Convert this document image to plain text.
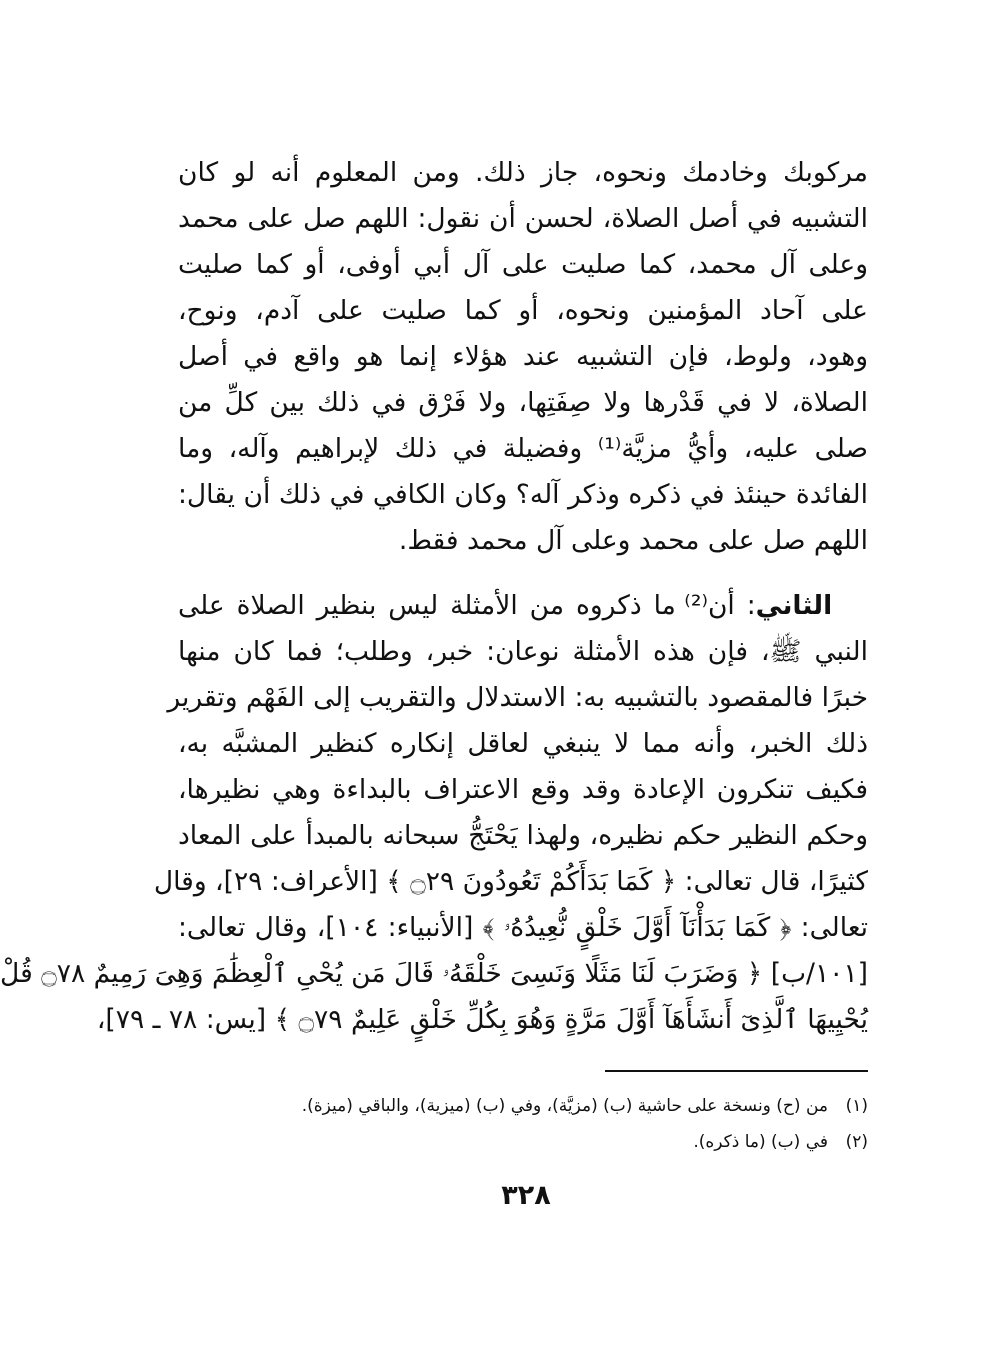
مركوبك وخادمك ونحوه، جاز ذلك. ومن المعلوم أنه لو كان
التشبيه في أصل الصلاة، لحسن أن نقول: اللهم صل على محمد
وعلى آل محمد، كما صليت على آل أبي أوفى، أو كما صليت
على آحاد المؤمنين ونحوه، أو كما صليت على آدم، ونوح،
وهود، ولوط، فإن التشبيه عند هؤلاء إنما هو واقع في أصل
الصلاة، لا في قَدْرها ولا صِفَتِها، ولا فَرْق في ذلك بين كلِّ من
صلى عليه، وأيُّ مزيَّة⁽¹⁾ وفضيلة في ذلك لإبراهيم وآله، وما
الفائدة حينئذ في ذكره وذكر آله؟ وكان الكافي في ذلك أن يقال:
اللهم صل على محمد وعلى آل محمد فقط.
الثاني: أن⁽²⁾ ما ذكروه من الأمثلة ليس بنظير الصلاة على
النبي ﷺ، فإن هذه الأمثلة نوعان: خبر، وطلب؛ فما كان منها
خبرًا فالمقصود بالتشبيه به: الاستدلال والتقريب إلى الفَهْم وتقرير
ذلك الخبر، وأنه مما لا ينبغي لعاقل إنكاره كنظير المشبَّه به،
فكيف تنكرون الإعادة وقد وقع الاعتراف بالبداءة وهي نظيرها،
وحكم النظير حكم نظيره، ولهذا يَحْتَجُّ سبحانه بالمبدأ على المعاد
كثيرًا، قال تعالى: ﴿ كَمَا بَدَأَكُمْ تَعُودُونَ ۝٢٩ ﴾ [الأعراف: ٢٩]، وقال
تعالى: ﴿ كَمَا بَدَأْنَآ أَوَّلَ خَلْقٍ نُّعِيدُهُۥ ﴾ [الأنبياء: ١٠٤]، وقال تعالى:
[١٠١/ب] ﴿ وَضَرَبَ لَنَا مَثَلًا وَنَسِىَ خَلْقَهُۥ قَالَ مَن يُحْىِ ٱلْعِظَٰمَ وَهِىَ رَمِيمٌ ۝٧٨ قُلْ
يُحْيِيهَا ٱلَّذِىٓ أَنشَأَهَآ أَوَّلَ مَرَّةٍ وَهُوَ بِكُلِّ خَلْقٍ عَلِيمٌ ۝٧٩ ﴾ [يس: ٧٨ ـ ٧٩]،
(١)من (ح) ونسخة على حاشية (ب) (مزيَّة)، وفي (ب) (ميزية)، والباقي (ميزة).
(٢)في (ب) (ما ذكره).
٣٢٨
